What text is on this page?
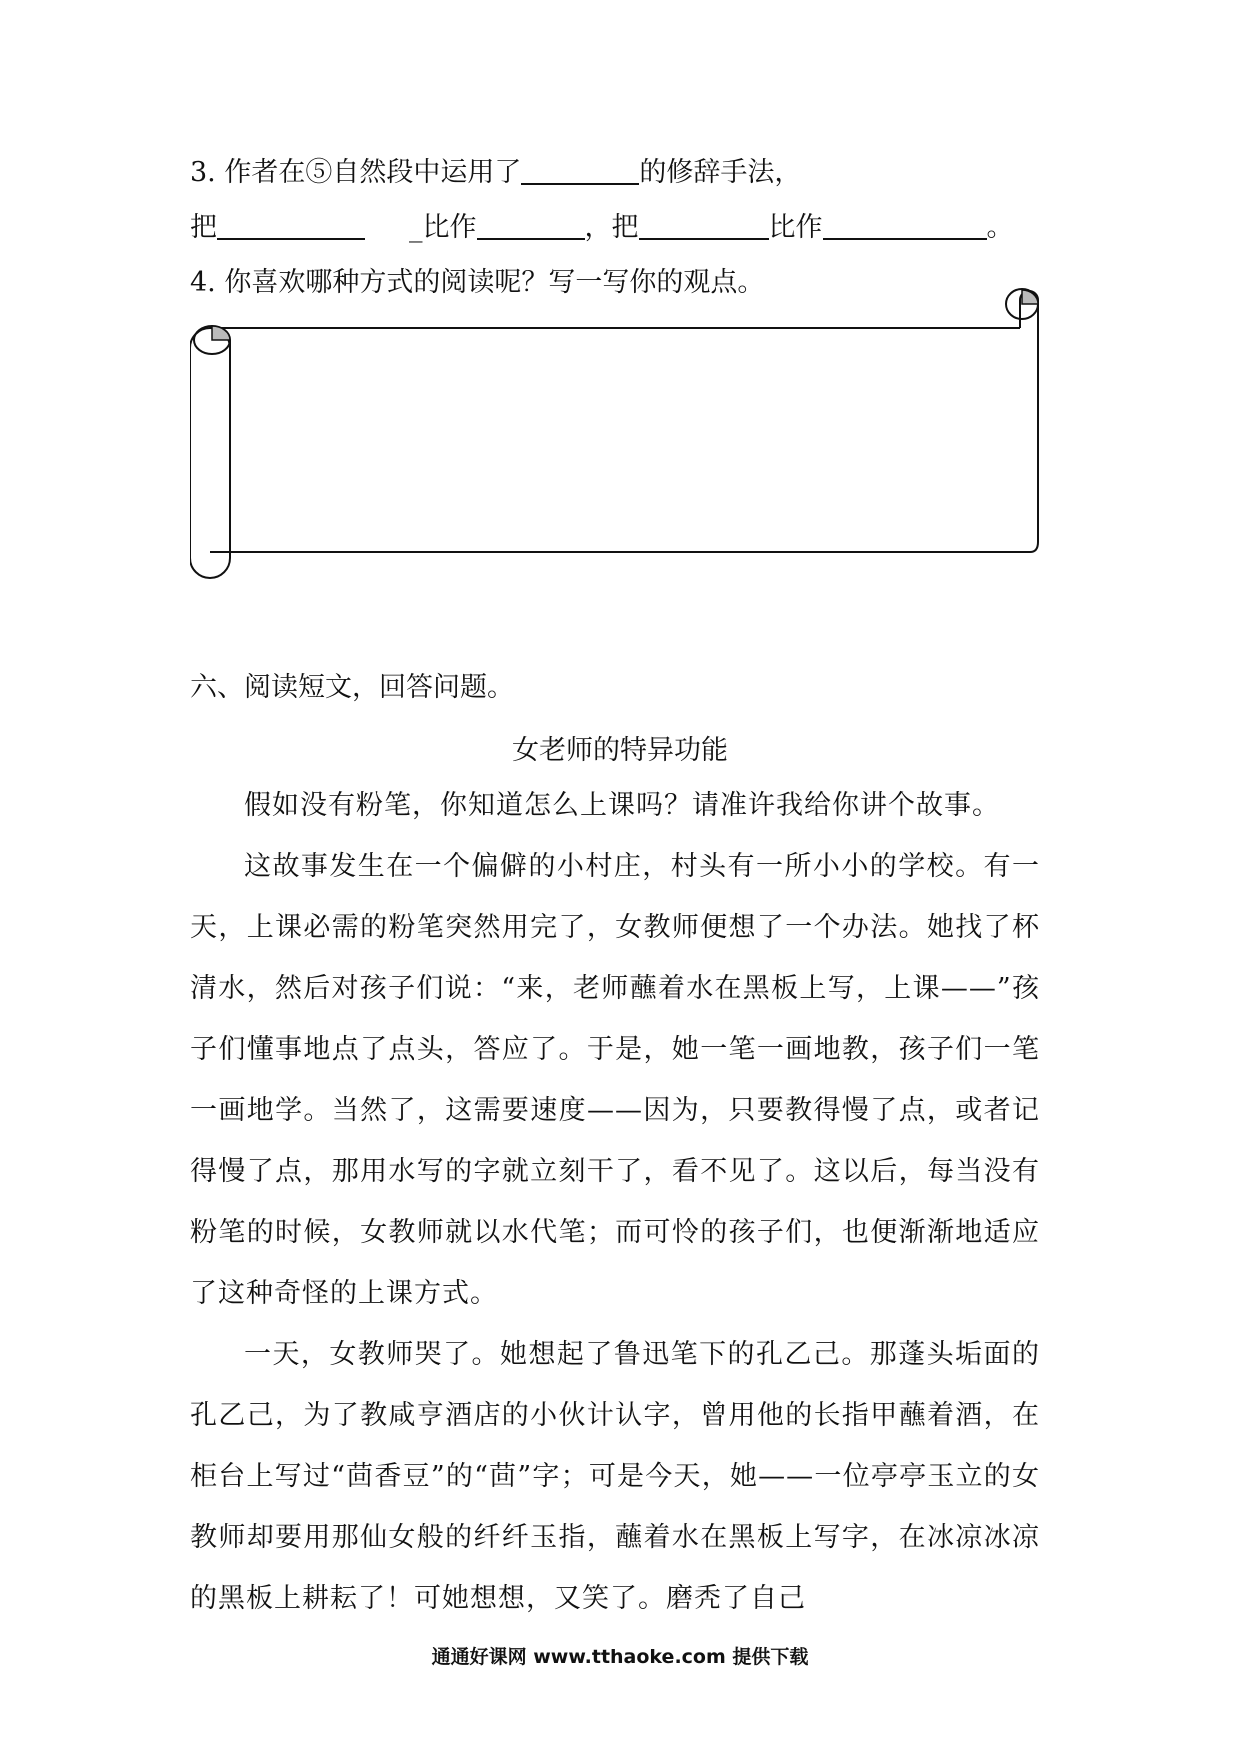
3. 作者在⑤自然段中运用了	的修辞手法，
把	_比作	，把	比作	。
4. 你喜欢哪种方式的阅读呢？写一写你的观点。
六、阅读短文，回答问题。
女老师的特异功能

假如没有粉笔，你知道怎么上课吗？请准许我给你讲个故事。

这故事发生在一个偏僻的小村庄，村头有一所小小的学校。有一天，上课必需的粉笔突然用完了，女教师便想了一个办法。她找了杯清水，然后对孩子们说：“来，老师蘸着水在黑板上写，上课——”孩子们懂事地点了点头，答应了。于是，她一笔一画地教，孩子们一笔一画地学。当然了，这需要速度——因为，只要教得慢了点，或者记得慢了点，那用水写的字就立刻干了，看不见了。这以后，每当没有粉笔的时候，女教师就以水代笔；而可怜的孩子们，也便渐渐地适应了这种奇怪的上课方式。

一天，女教师哭了。她想起了鲁迅笔下的孔乙己。那蓬头垢面的孔乙己，为了教咸亨酒店的小伙计认字，曾用他的长指甲蘸着酒，在柜台上写过“茴香豆”的“茴”字；可是今天，她——一位亭亭玉立的女教师却要用那仙女般的纤纤玉指，蘸着水在黑板上写字，在冰凉冰凉的黑板上耕耘了！可她想想，又笑了。磨秃了自己

通通好课网 www.tthaoke.com 提供下载
